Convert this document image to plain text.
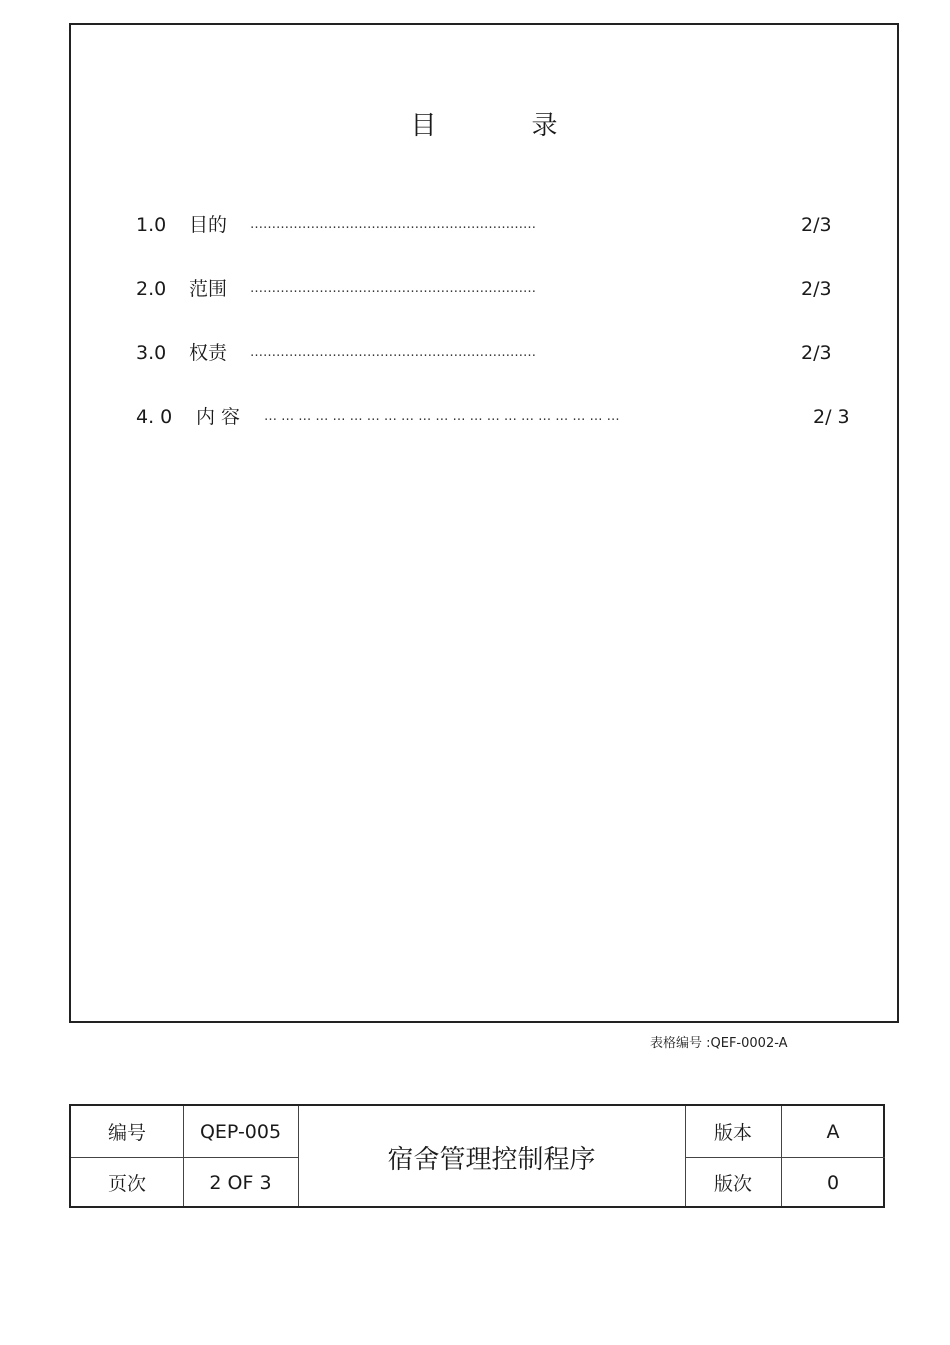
目	录
1.0 目的 …………………………………………………………	2/3
2.0 范围 …………………………………………………………	2/3
3.0 权责 …………………………………………………………	2/3
4. 0 内 容 … … … … … … … … … … … … … … … … … … … … …	2/ 3
表格编号 :QEF-0002-A
编号	QEP-005
页次	2 OF 3
宿舍管理控制程序
版本	A
版次	0
